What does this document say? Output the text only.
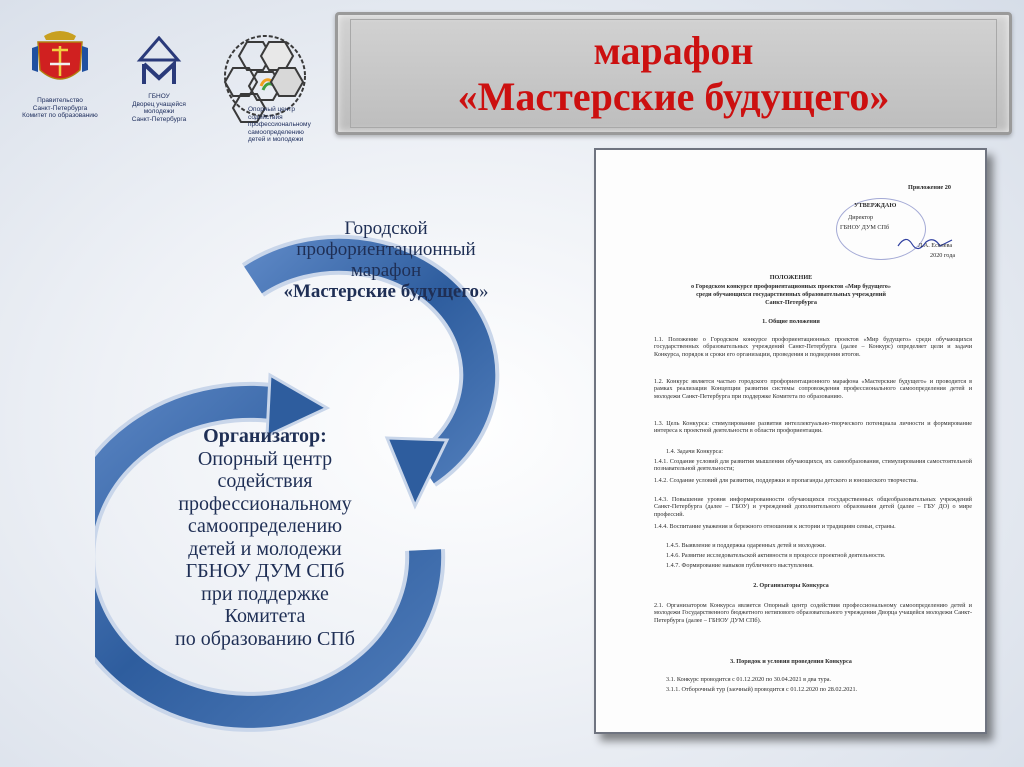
Правительство
Санкт-Петербурга
Комитет по образованию
ГБНОУ
Дворец учащейся молодежи
Санкт-Петербурга
Опорный центр содействия
профессиональному
самоопределению
детей и молодежи
марафон
«Мастерские будущего»
Городской
профориентационный
марафон
«Мастерские будущего»
Организатор:
Опорный центр
содействия
профессиональному
самоопределению
детей и молодежи
ГБНОУ ДУМ СПб
при поддержке
Комитета
по образованию СПб
Приложение 20
УТВЕРЖДАЮ
Директор
ГБНОУ ДУМ СПб
Л.А. Еселева
2020 года
ПОЛОЖЕНИЕ
о Городском конкурсе профориентационных проектов «Мир будущего»
среди обучающихся государственных образовательных учреждений
Санкт-Петербурга
1. Общие положения
1.1. Положение о Городском конкурсе профориентационных проектов «Мир будущего» среди обучающихся государственных образовательных учреждений Санкт-Петербурга (далее – Конкурс) определяет цели и задачи Конкурса, порядок и сроки его организации, проведения и подведения итогов.
1.2. Конкурс является частью городского профориентационного марафона «Мастерские будущего» и проводится в рамках реализации Концепции развития системы сопровождения профессионального самоопределения детей и молодежи Санкт-Петербурга при поддержке Комитета по образованию.
1.3. Цель Конкурса: стимулирование развития интеллектуально-творческого потенциала личности и формирование интереса к проектной деятельности в области профориентации.
1.4. Задачи Конкурса:
1.4.1. Создание условий для развития мышления обучающихся, их самообразования, стимулирования самостоятельной познавательной деятельности;
1.4.2. Создание условий для развития, поддержки и пропаганды детского и юношеского творчества.
1.4.3. Повышение уровня информированности обучающихся государственных общеобразовательных учреждений Санкт-Петербурга (далее – ГБОУ) и учреждений дополнительного образования детей (далее – ГБУ ДО) о мире профессий.
1.4.4. Воспитание уважения и бережного отношения к истории и традициям семьи, страны.
1.4.5. Выявление и поддержка одаренных детей и молодежи.
1.4.6. Развитие исследовательской активности в процессе проектной деятельности.
1.4.7. Формирование навыков публичного выступления.
2. Организаторы Конкурса
2.1. Организатором Конкурса является Опорный центр содействия профессиональному самоопределению детей и молодежи Государственного бюджетного нетипового образовательного учреждения Дворца учащейся молодежи Санкт-Петербурга (далее – ГБНОУ ДУМ СПб).
3. Порядок и условия проведения Конкурса
3.1. Конкурс проводится с 01.12.2020 по 30.04.2021 в два тура.
3.1.1. Отборочный тур (заочный) проводится с 01.12.2020 по 28.02.2021.
